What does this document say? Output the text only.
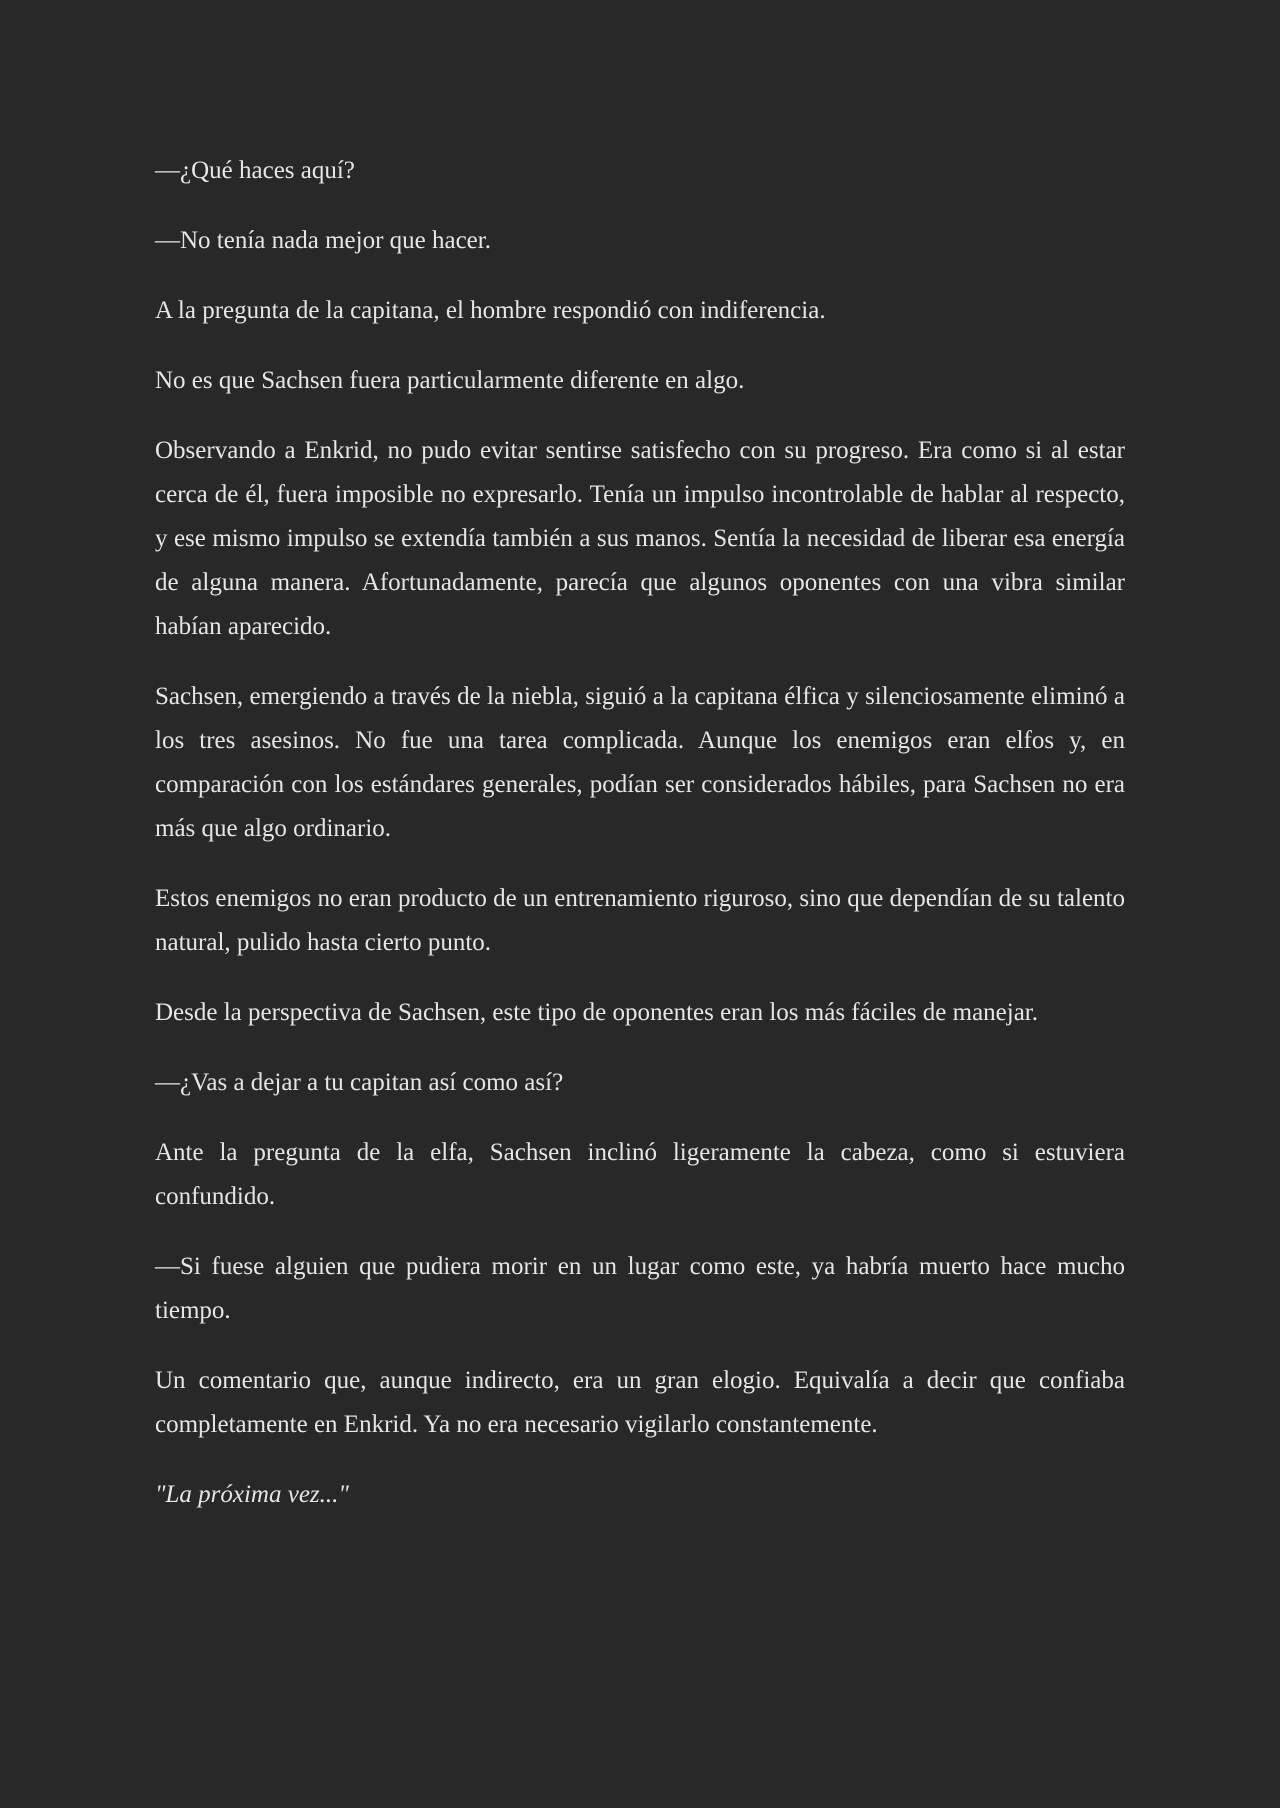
—¿Qué haces aquí?

—No tenía nada mejor que hacer.

A la pregunta de la capitana, el hombre respondió con indiferencia.

No es que Sachsen fuera particularmente diferente en algo.

Observando a Enkrid, no pudo evitar sentirse satisfecho con su progreso. Era como si al estar cerca de él, fuera imposible no expresarlo. Tenía un impulso incontrolable de hablar al respecto, y ese mismo impulso se extendía también a sus manos. Sentía la necesidad de liberar esa energía de alguna manera. Afortunadamente, parecía que algunos oponentes con una vibra similar habían aparecido.

Sachsen, emergiendo a través de la niebla, siguió a la capitana élfica y silenciosamente eliminó a los tres asesinos. No fue una tarea complicada. Aunque los enemigos eran elfos y, en comparación con los estándares generales, podían ser considerados hábiles, para Sachsen no era más que algo ordinario.

Estos enemigos no eran producto de un entrenamiento riguroso, sino que dependían de su talento natural, pulido hasta cierto punto.

Desde la perspectiva de Sachsen, este tipo de oponentes eran los más fáciles de manejar.

—¿Vas a dejar a tu capitan así como así?

Ante la pregunta de la elfa, Sachsen inclinó ligeramente la cabeza, como si estuviera confundido.

—Si fuese alguien que pudiera morir en un lugar como este, ya habría muerto hace mucho tiempo.

Un comentario que, aunque indirecto, era un gran elogio. Equivalía a decir que confiaba completamente en Enkrid. Ya no era necesario vigilarlo constantemente.

"La próxima vez..."
